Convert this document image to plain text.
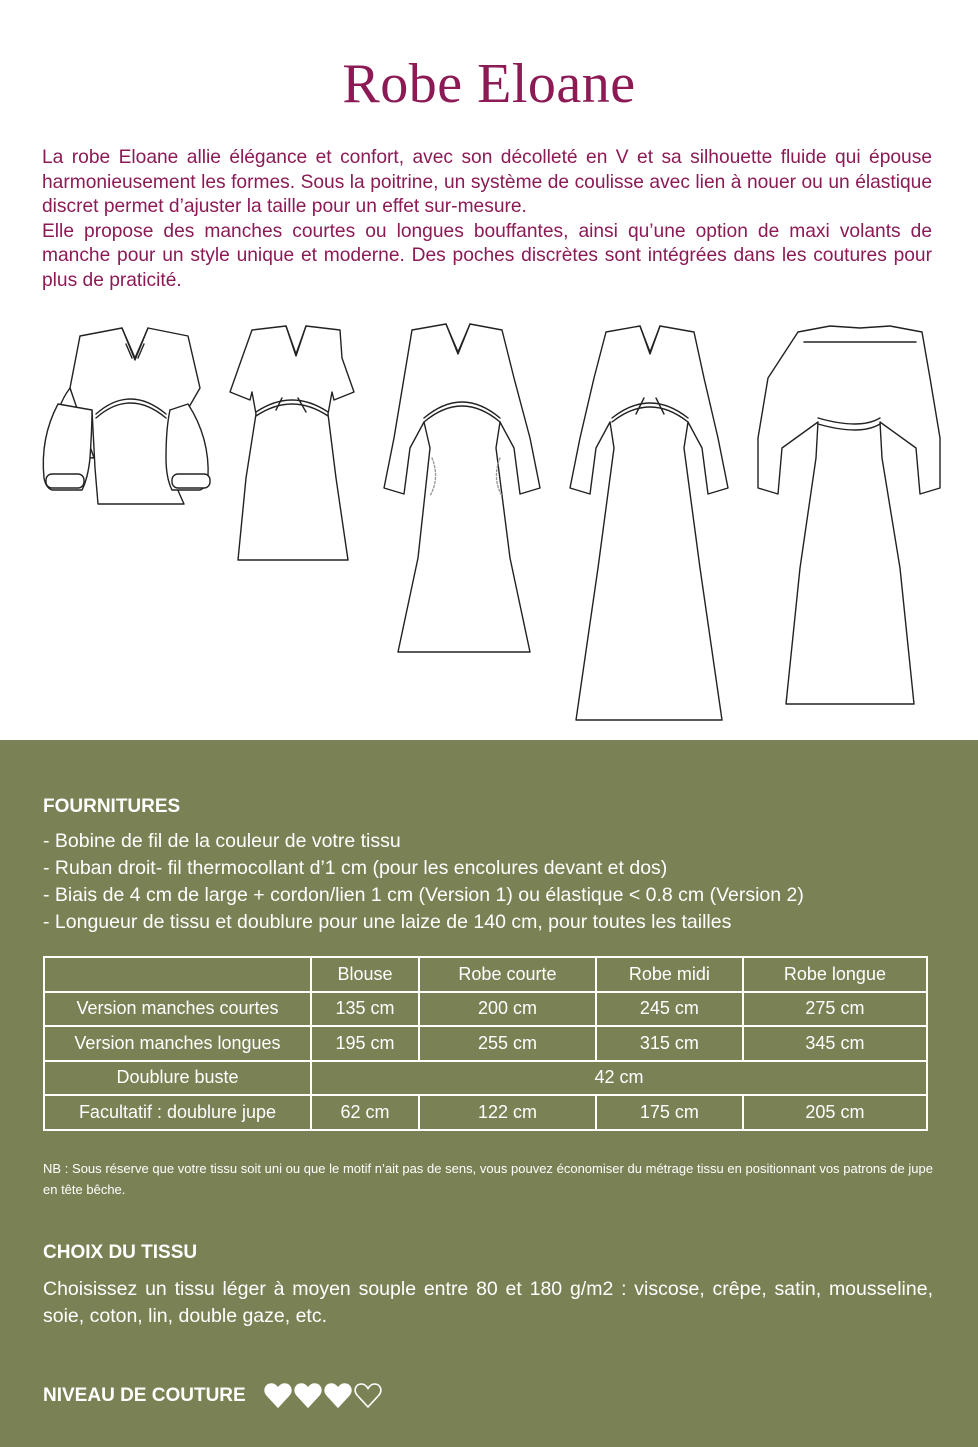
Robe Eloane

La robe Eloane allie élégance et confort, avec son décolleté en V et sa silhouette fluide qui épouse harmonieusement les formes. Sous la poitrine, un système de coulisse avec lien à nouer ou un élastique discret permet d’ajuster la taille pour un effet sur-mesure.

Elle propose des manches courtes ou longues bouffantes, ainsi qu’une option de maxi volants de manche pour un style unique et moderne. Des poches discrètes sont intégrées dans les coutures pour plus de praticité.

FOURNITURES
- Bobine de fil de la couleur de votre tissu
- Ruban droit- fil thermocollant d’1 cm (pour les encolures devant et dos)
- Biais de 4 cm de large + cordon/lien 1 cm (Version 1) ou élastique < 0.8 cm (Version 2)
- Longueur de tissu et doublure pour une laize de 140 cm, pour toutes les tailles
	Blouse	Robe courte	Robe midi	Robe longue
Version manches courtes	135 cm	200 cm	245 cm	275 cm
Version manches longues	195 cm	255 cm	315 cm	345 cm
Doublure buste	42 cm			
Facultatif : doublure jupe	62 cm	122 cm	175 cm	205 cm
NB : Sous réserve que votre tissu soit uni ou que le motif n’ait pas de sens, vous pouvez économiser du métrage tissu en positionnant vos patrons de jupe en tête bêche.
CHOIX DU TISSU
Choisissez un tissu léger à moyen souple entre 80 et 180 g/m2 : viscose, crêpe, satin, mousseline, soie, coton, lin, double gaze, etc.
NIVEAU DE COUTURE
